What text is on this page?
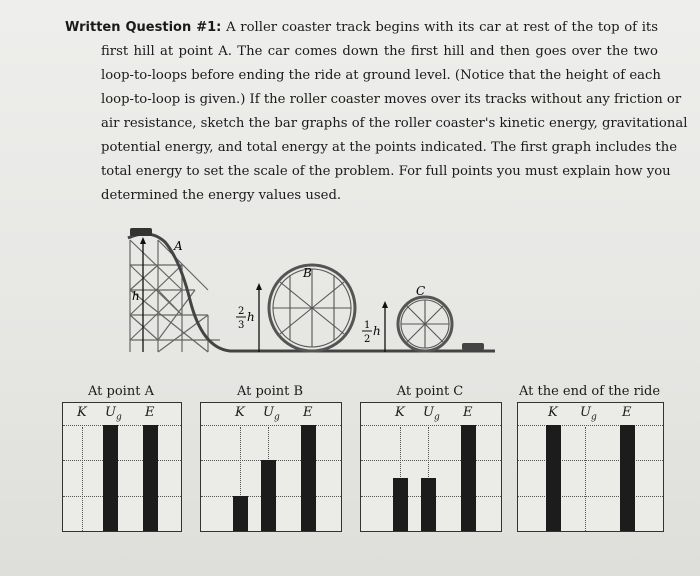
Written Question #1: A roller coaster track begins with its car at rest of the top of its
first hill at point A. The car comes down the first hill and then goes over the two
loop-to-loops before ending the ride at ground level. (Notice that the height of each
loop-to-loop is given.) If the roller coaster moves over its tracks without any friction or
air resistance, sketch the bar graphs of the roller coaster's kinetic energy, gravitational
potential energy, and total energy at the points indicated. The first graph includes the
total energy to set the scale of the problem. For full points you must explain how you
determined the energy values used.
A
B
C
h
2
3
h
1
2
h
At point A
K $U_g$ E
At point B
K $U_g$ E
At point C
K $U_g$ E
At the end of the ride
K $U_g$ E
